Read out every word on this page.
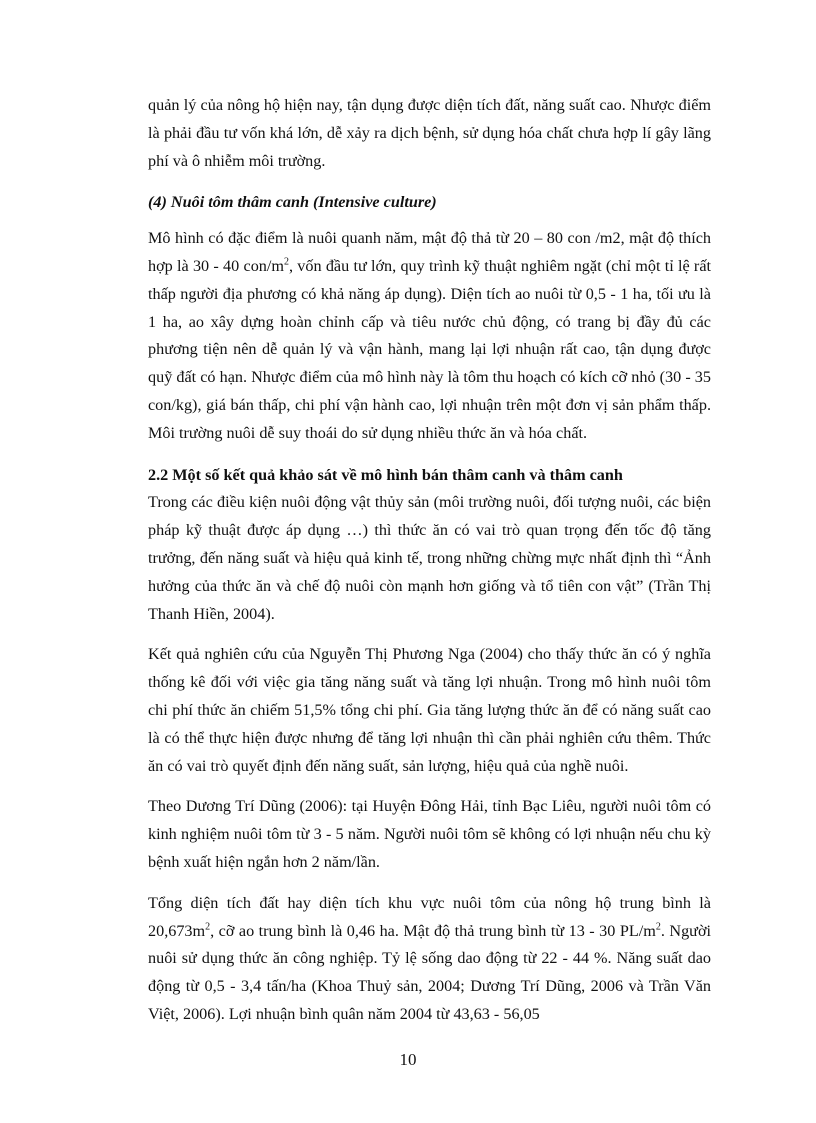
quản lý của nông hộ hiện nay, tận dụng được diện tích đất, năng suất cao. Nhược điểm là phải đầu tư vốn khá lớn, dễ xảy ra dịch bệnh, sử dụng hóa chất chưa hợp lí gây lãng phí và ô nhiễm môi trường.

(4) Nuôi tôm thâm canh (Intensive culture)

Mô hình có đặc điểm là nuôi quanh năm, mật độ thả từ 20 – 80 con /m2, mật độ thích hợp là 30 - 40 con/$m^2$, vốn đầu tư lớn, quy trình kỹ thuật nghiêm ngặt (chỉ một tỉ lệ rất thấp người địa phương có khả năng áp dụng). Diện tích ao nuôi từ 0,5 - 1 ha, tối ưu là 1 ha, ao xây dựng hoàn chỉnh cấp và tiêu nước chủ động, có trang bị đầy đủ các phương tiện nên dễ quản lý và vận hành, mang lại lợi nhuận rất cao, tận dụng được quỹ đất có hạn. Nhược điểm của mô hình này là tôm thu hoạch có kích cỡ nhỏ (30 - 35 con/kg), giá bán thấp, chi phí vận hành cao, lợi nhuận trên một đơn vị sản phẩm thấp. Môi trường nuôi dễ suy thoái do sử dụng nhiều thức ăn và hóa chất.

2.2 Một số kết quả khảo sát về mô hình bán thâm canh và thâm canh

Trong các điều kiện nuôi động vật thủy sản (môi trường nuôi, đối tượng nuôi, các biện pháp kỹ thuật được áp dụng …) thì thức ăn có vai trò quan trọng đến tốc độ tăng trưởng, đến năng suất và hiệu quả kinh tế, trong những chừng mực nhất định thì “Ảnh hưởng của thức ăn và chế độ nuôi còn mạnh hơn giống và tổ tiên con vật” (Trần Thị Thanh Hiền, 2004).

Kết quả nghiên cứu của Nguyễn Thị Phương Nga (2004) cho thấy thức ăn có ý nghĩa thống kê đối với việc gia tăng năng suất và tăng lợi nhuận. Trong mô hình nuôi tôm chi phí thức ăn chiếm 51,5% tổng chi phí. Gia tăng lượng thức ăn để có năng suất cao là có thể thực hiện được nhưng để tăng lợi nhuận thì cần phải nghiên cứu thêm. Thức ăn có vai trò quyết định đến năng suất, sản lượng, hiệu quả của nghề nuôi.

Theo Dương Trí Dũng (2006): tại Huyện Đông Hải, tỉnh Bạc Liêu, người nuôi tôm có kinh nghiệm nuôi tôm từ 3 - 5 năm. Người nuôi tôm sẽ không có lợi nhuận nếu chu kỳ bệnh xuất hiện ngắn hơn 2 năm/lần.

Tổng diện tích đất hay diện tích khu vực nuôi tôm của nông hộ trung bình là $20,673m^2$, cỡ ao trung bình là 0,46 ha. Mật độ thả trung bình từ 13 - 30 $PL/m^2$. Người nuôi sử dụng thức ăn công nghiệp. Tỷ lệ sống dao động từ 22 - 44 %. Năng suất dao động từ 0,5 - 3,4 tấn/ha (Khoa Thuỷ sản, 2004; Dương Trí Dũng, 2006 và Trần Văn Việt, 2006). Lợi nhuận bình quân năm 2004 từ 43,63 - 56,05

10
